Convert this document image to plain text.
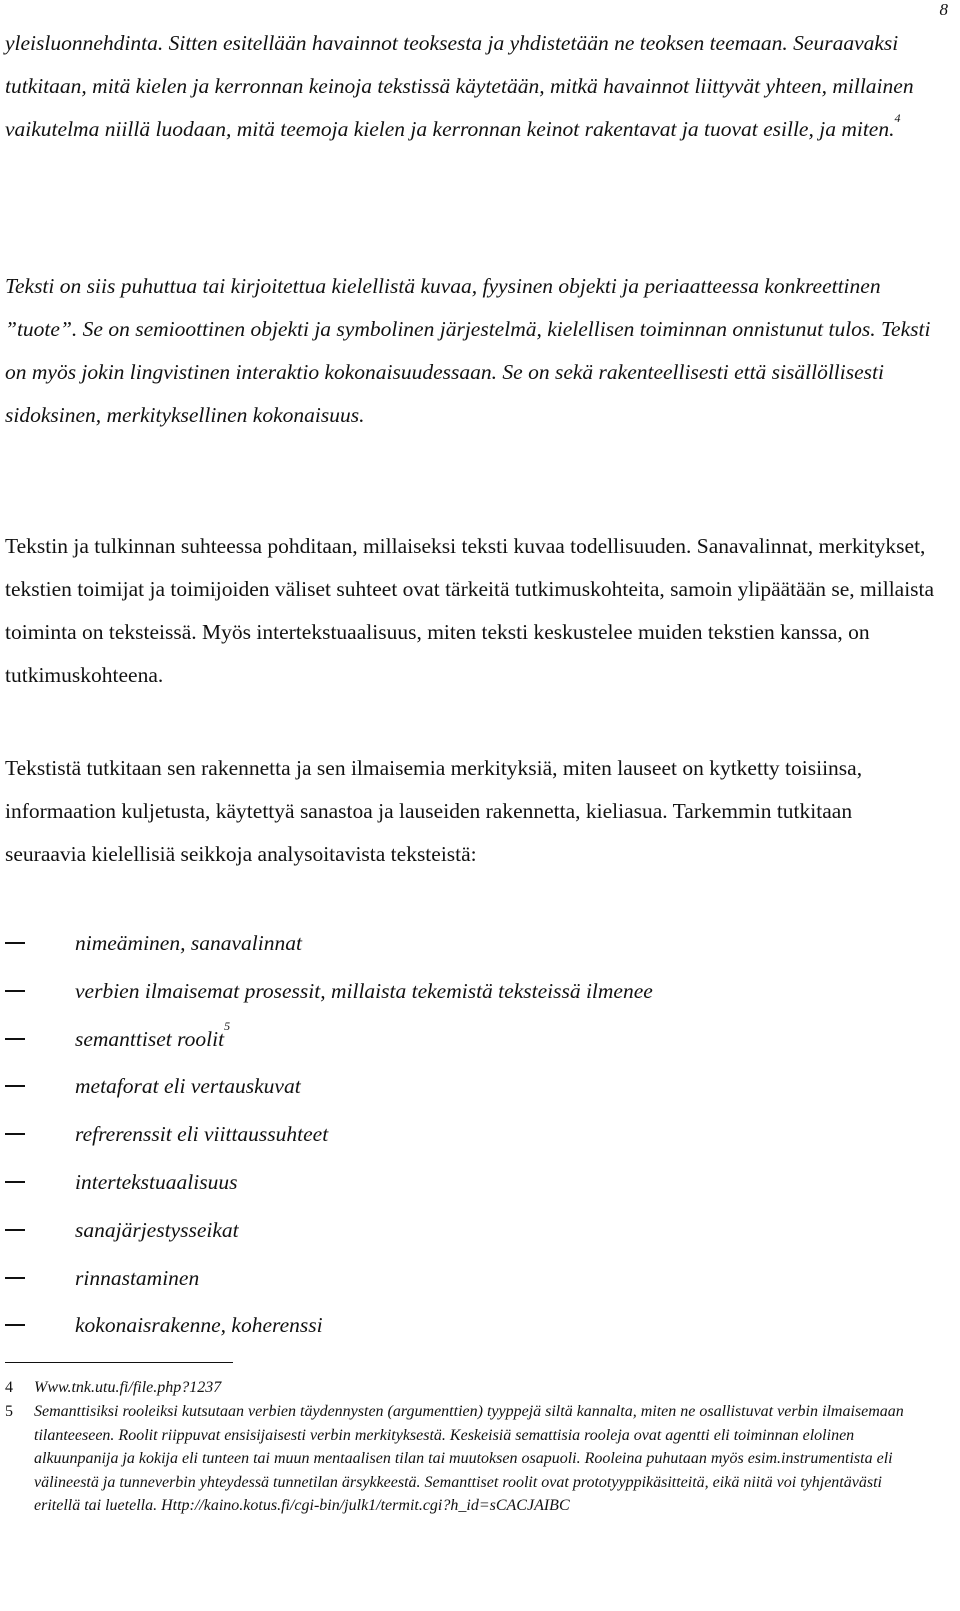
8

yleisluonnehdinta. Sitten esitellään havainnot teoksesta ja yhdistetään ne teoksen teemaan. Seuraavaksi tutkitaan, mitä kielen ja kerronnan keinoja tekstissä käytetään, mitkä havainnot liittyvät yhteen, millainen vaikutelma niillä luodaan, mitä teemoja kielen ja kerronnan keinot rakentavat ja tuovat esille, ja miten.$^4$

Teksti on siis puhuttua tai kirjoitettua kielellistä kuvaa, fyysinen objekti ja periaatteessa konkreettinen ”tuote”. Se on semioottinen objekti ja symbolinen järjestelmä, kielellisen toiminnan onnistunut tulos. Teksti on myös jokin lingvistinen interaktio kokonaisuudessaan. Se on sekä rakenteellisesti että sisällöllisesti sidoksinen, merkityksellinen kokonaisuus.

Tekstin ja tulkinnan suhteessa pohditaan, millaiseksi teksti kuvaa todellisuuden. Sanavalinnat, merkitykset, tekstien toimijat ja toimijoiden väliset suhteet ovat tärkeitä tutkimuskohteita, samoin ylipäätään se, millaista toiminta on teksteissä. Myös intertekstuaalisuus, miten teksti keskustelee muiden tekstien kanssa, on tutkimuskohteena.

Tekstistä tutkitaan sen rakennetta ja sen ilmaisemia merkityksiä, miten lauseet on kytketty toisiinsa, informaation kuljetusta, käytettyä sanastoa ja lauseiden rakennetta, kieliasua. Tarkemmin tutkitaan seuraavia kielellisiä seikkoja analysoitavista teksteistä:

nimeäminen, sanavalinnat
verbien ilmaisemat prosessit, millaista tekemistä teksteissä ilmenee
semanttiset roolit$^5$
metaforat eli vertauskuvat
refrerenssit eli viittaussuhteet
intertekstuaalisuus
sanajärjestysseikat
rinnastaminen
kokonaisrakenne, koherenssi
4 Www.tnk.utu.fi/file.php?1237
5 Semanttisiksi rooleiksi kutsutaan verbien täydennysten (argumenttien) tyyppejä siltä kannalta, miten ne osallistuvat verbin ilmaisemaan tilanteeseen. Roolit riippuvat ensisijaisesti verbin merkityksestä. Keskeisiä semattisia rooleja ovat agentti eli toiminnan elolinen alkuunpanija ja kokija eli tunteen tai muun mentaalisen tilan tai muutoksen osapuoli. Rooleina puhutaan myös esim.instrumentista eli välineestä ja tunneverbin yhteydessä tunnetilan ärsykkeestä. Semanttiset roolit ovat prototyyppikäsitteitä, eikä niitä voi tyhjentävästi eritellä tai luetella. Http://kaino.kotus.fi/cgi-bin/julk1/termit.cgi?h_id=sCACJAIBC
